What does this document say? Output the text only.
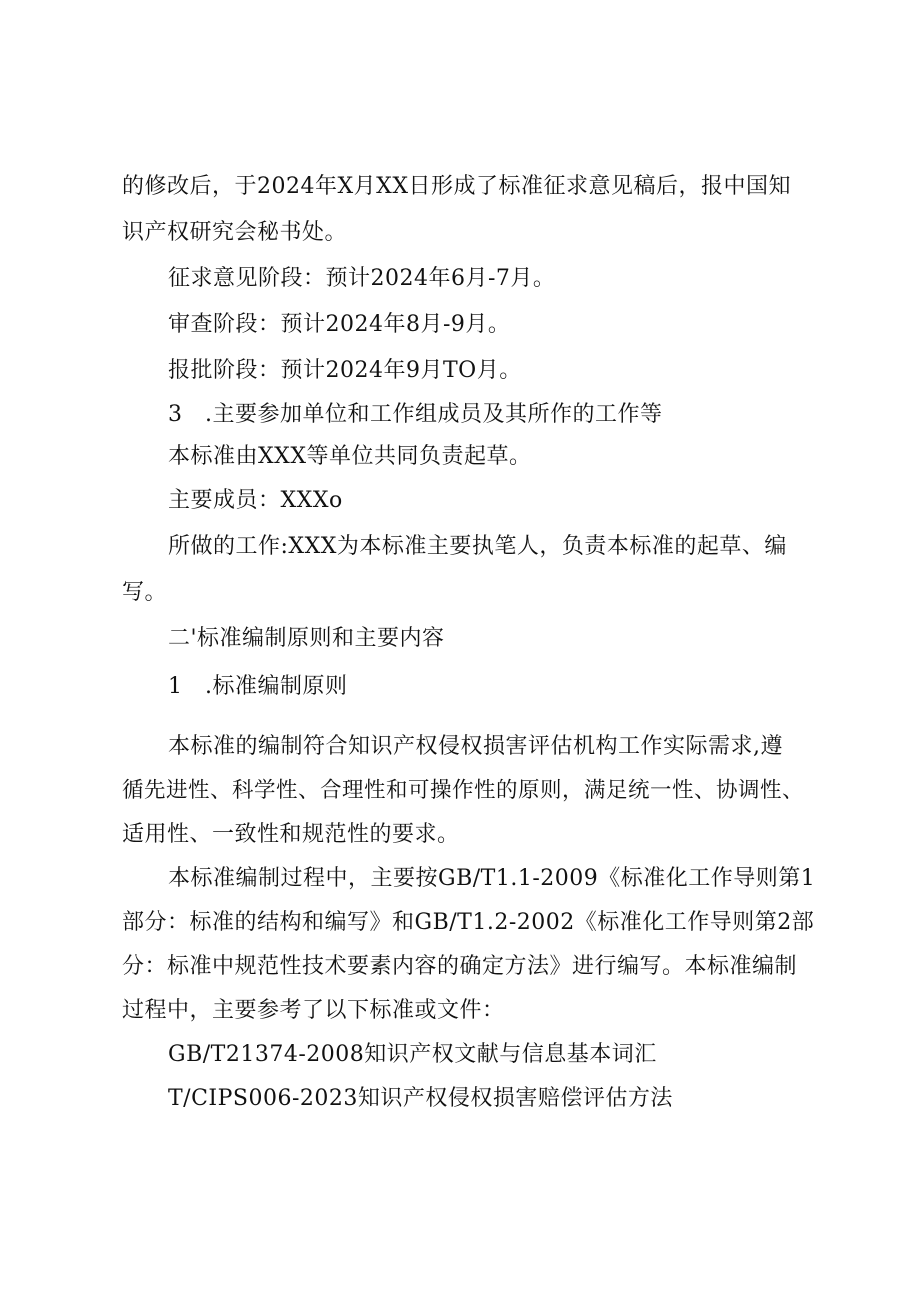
的修改后，于2024年X月XX日形成了标准征求意见稿后，报中国知
识产权研究会秘书处。
征求意见阶段：预计2024年6月-7月。
审查阶段：预计2024年8月-9月。
报批阶段：预计2024年9月TO月。
3　.主要参加单位和工作组成员及其所作的工作等
本标准由XXX等单位共同负责起草。
主要成员：XXXo
所做的工作:XXX为本标准主要执笔人，负责本标准的起草、编
写。
二'标准编制原则和主要内容
1　.标准编制原则
本标准的编制符合知识产权侵权损害评估机构工作实际需求,遵
循先进性、科学性、合理性和可操作性的原则，满足统一性、协调性、
适用性、一致性和规范性的要求。
本标准编制过程中，主要按GB/T1.1-2009《标准化工作导则第1
部分：标准的结构和编写》和GB/T1.2-2002《标准化工作导则第2部
分：标准中规范性技术要素内容的确定方法》进行编写。本标准编制
过程中，主要参考了以下标准或文件：
GB/T21374-2008知识产权文献与信息基本词汇
T/CIPS006-2023知识产权侵权损害赔偿评估方法
